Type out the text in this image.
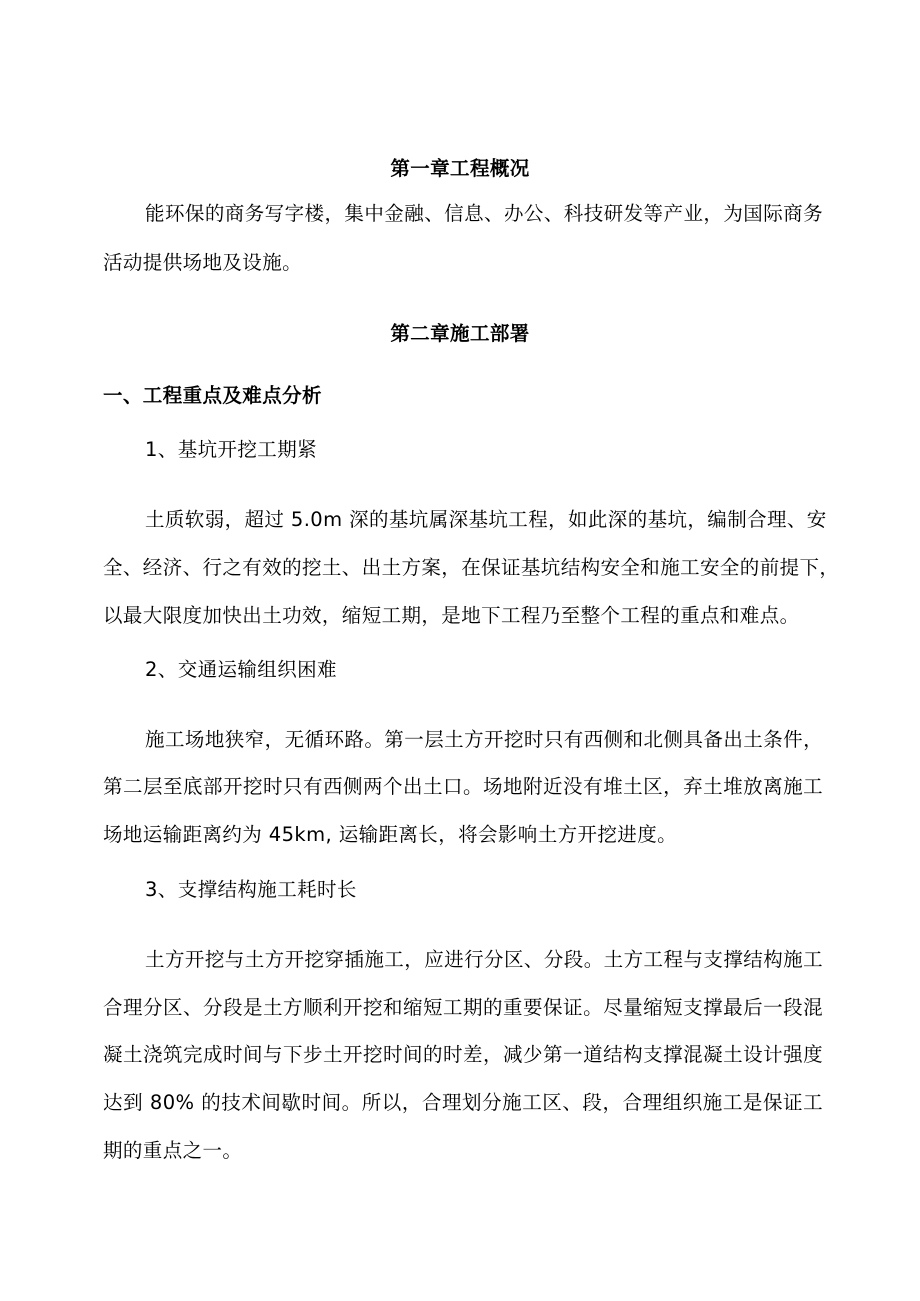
第一章工程概况
能环保的商务写字楼，集中金融、信息、办公、科技研发等产业，为国际商务
活动提供场地及设施。
第二章施工部署
一、工程重点及难点分析
1、基坑开挖工期紧
土质软弱，超过 5.0m 深的基坑属深基坑工程，如此深的基坑，编制合理、安
全、经济、行之有效的挖土、出土方案，在保证基坑结构安全和施工安全的前提下，
以最大限度加快出土功效，缩短工期，是地下工程乃至整个工程的重点和难点。
2、交通运输组织困难
施工场地狭窄，无循环路。第一层土方开挖时只有西侧和北侧具备出土条件，
第二层至底部开挖时只有西侧两个出土口。场地附近没有堆土区，弃土堆放离施工
场地运输距离约为 45km, 运输距离长，将会影响土方开挖进度。
3、支撑结构施工耗时长
土方开挖与土方开挖穿插施工，应进行分区、分段。土方工程与支撑结构施工
合理分区、分段是土方顺利开挖和缩短工期的重要保证。尽量缩短支撑最后一段混
凝土浇筑完成时间与下步土开挖时间的时差，减少第一道结构支撑混凝土设计强度
达到 80% 的技术间歇时间。所以，合理划分施工区、段，合理组织施工是保证工
期的重点之一。
